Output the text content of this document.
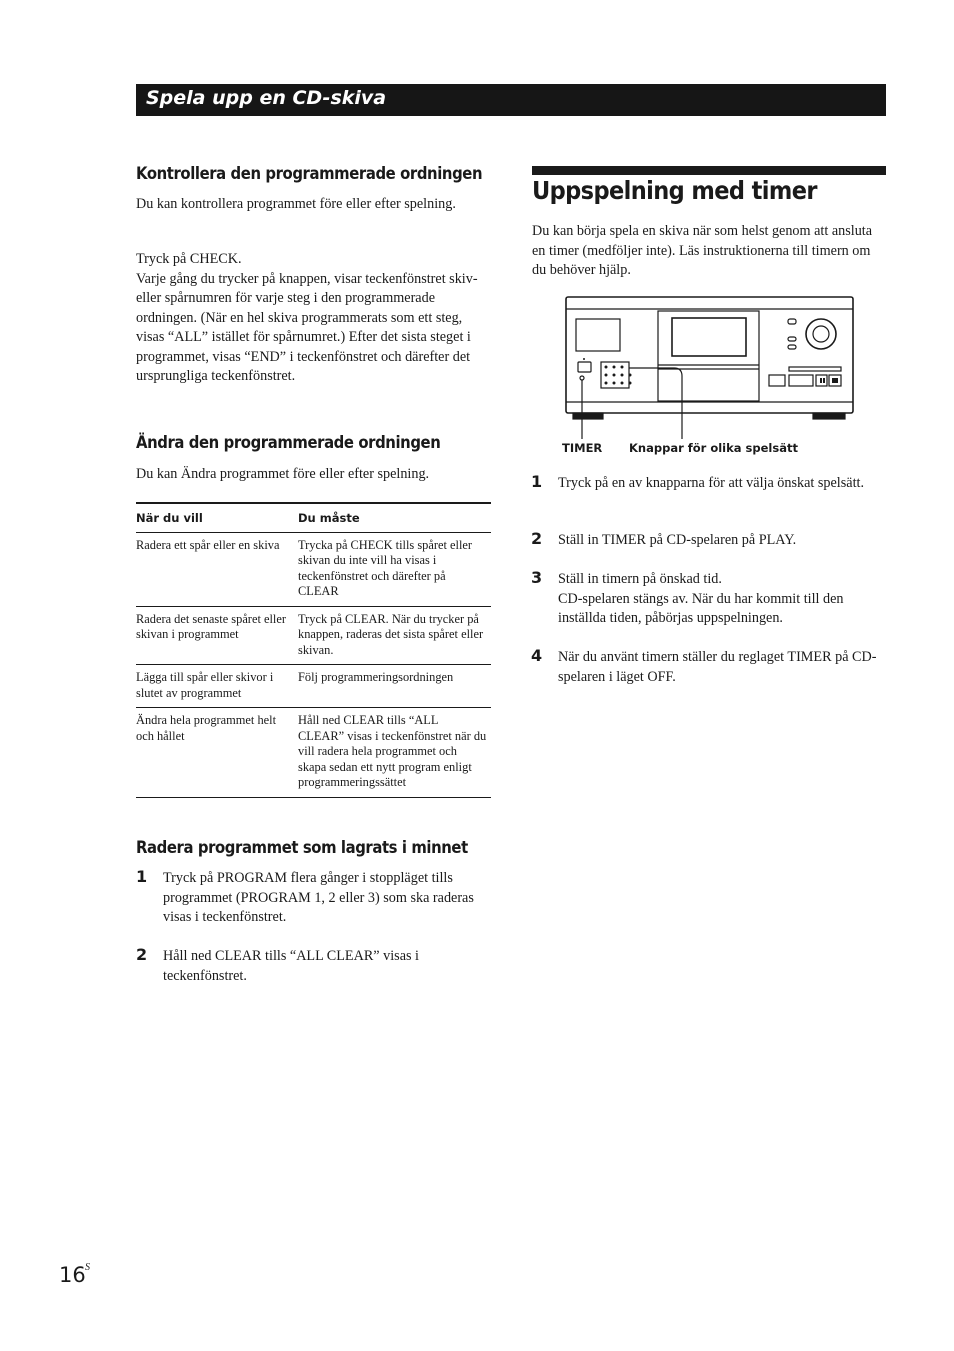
Spela upp en CD-skiva
Kontrollera den programmerade ordningen

Du kan kontrollera programmet före eller efter spelning.

Tryck på CHECK.
Varje gång du trycker på knappen, visar teckenfönstret skiv- eller spårnumren för varje steg i den programmerade ordningen. (När en hel skiva programmerats som ett steg, visas “ALL” istället för spårnumret.) Efter det sista steget i programmet, visas “END” i teckenfönstret och därefter det ursprungliga teckenfönstret.

Ändra den programmerade ordningen

Du kan Ändra programmet före eller efter spelning.

När du vill	Du måste
Radera ett spår eller en skiva	Trycka på CHECK tills spåret eller skivan du inte vill ha visas i teckenfönstret och därefter på CLEAR
Radera det senaste spåret eller skivan i programmet	Tryck på CLEAR. När du trycker på knappen, raderas det sista spåret eller skivan.
Lägga till spår eller skivor i slutet av programmet	Följ programmeringsordningen
Ändra hela programmet helt och hållet	Håll ned CLEAR tills “ALL CLEAR” visas i teckenfönstret när du vill radera hela programmet och skapa sedan ett nytt program enligt programmeringssättet
Radera programmet som lagrats i minnet
1 Tryck på PROGRAM flera gånger i stoppläget tills programmet (PROGRAM 1, 2 eller 3) som ska raderas visas i teckenfönstret.
2 Håll ned CLEAR tills “ALL CLEAR” visas i teckenfönstret.
Uppspelning med timer

Du kan börja spela en skiva när som helst genom att ansluta en timer (medföljer inte). Läs instruktionerna till timern om du behöver hjälp.

TIMER Knappar för olika spelsätt
1 Tryck på en av knapparna för att välja önskat spelsätt.
2 Ställ in TIMER på CD-spelaren på PLAY.
3 Ställ in timern på önskad tid.
CD-spelaren stängs av. När du har kommit till den inställda tiden, påbörjas uppspelningen.
4 När du använt timern ställer du reglaget TIMER på CD-spelaren i läget OFF.
16 S
